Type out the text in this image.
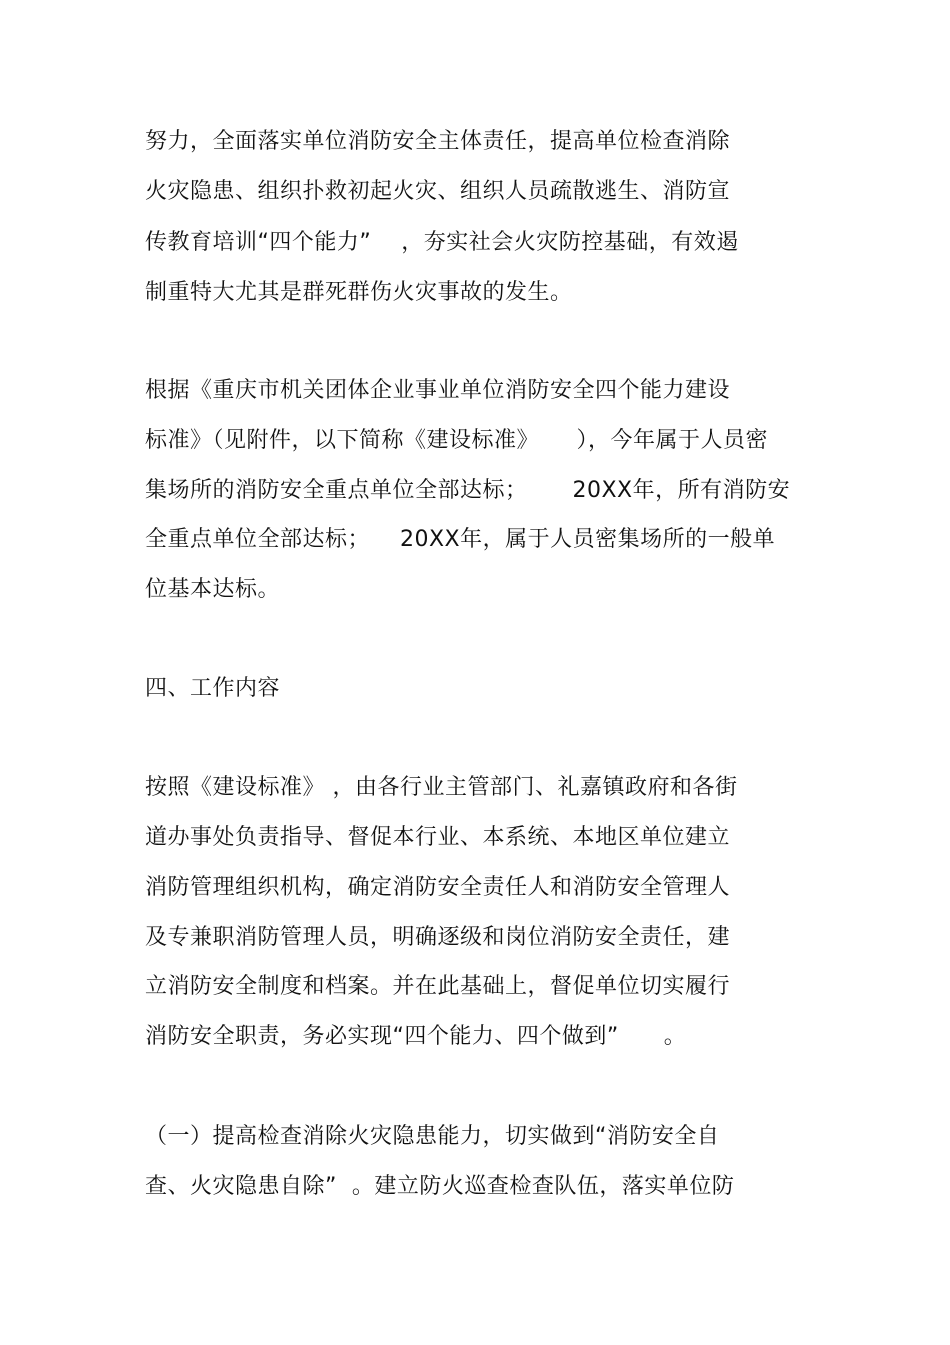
努力，全面落实单位消防安全主体责任，提高单位检查消除
火灾隐患、组织扑救初起火灾、组织人员疏散逃生、消防宣
传教育培训“四个能力”    ，夯实社会火灾防控基础，有效遏
制重特大尤其是群死群伤火灾事故的发生。
根据《重庆市机关团体企业事业单位消防安全四个能力建设
标准》（见附件，以下简称《建设标准》     ），今年属于人员密
集场所的消防安全重点单位全部达标；      20XX年，所有消防安
全重点单位全部达标；    20XX年，属于人员密集场所的一般单
位基本达标。
四、工作内容
按照《建设标准》 ，由各行业主管部门、礼嘉镇政府和各街
道办事处负责指导、督促本行业、本系统、本地区单位建立
消防管理组织机构，确定消防安全责任人和消防安全管理人
及专兼职消防管理人员，明确逐级和岗位消防安全责任，建
立消防安全制度和档案。并在此基础上，督促单位切实履行
消防安全职责，务必实现“四个能力、四个做到”      。
（一）提高检查消除火灾隐患能力，切实做到“消防安全自
查、火灾隐患自除”  。建立防火巡查检查队伍，落实单位防
